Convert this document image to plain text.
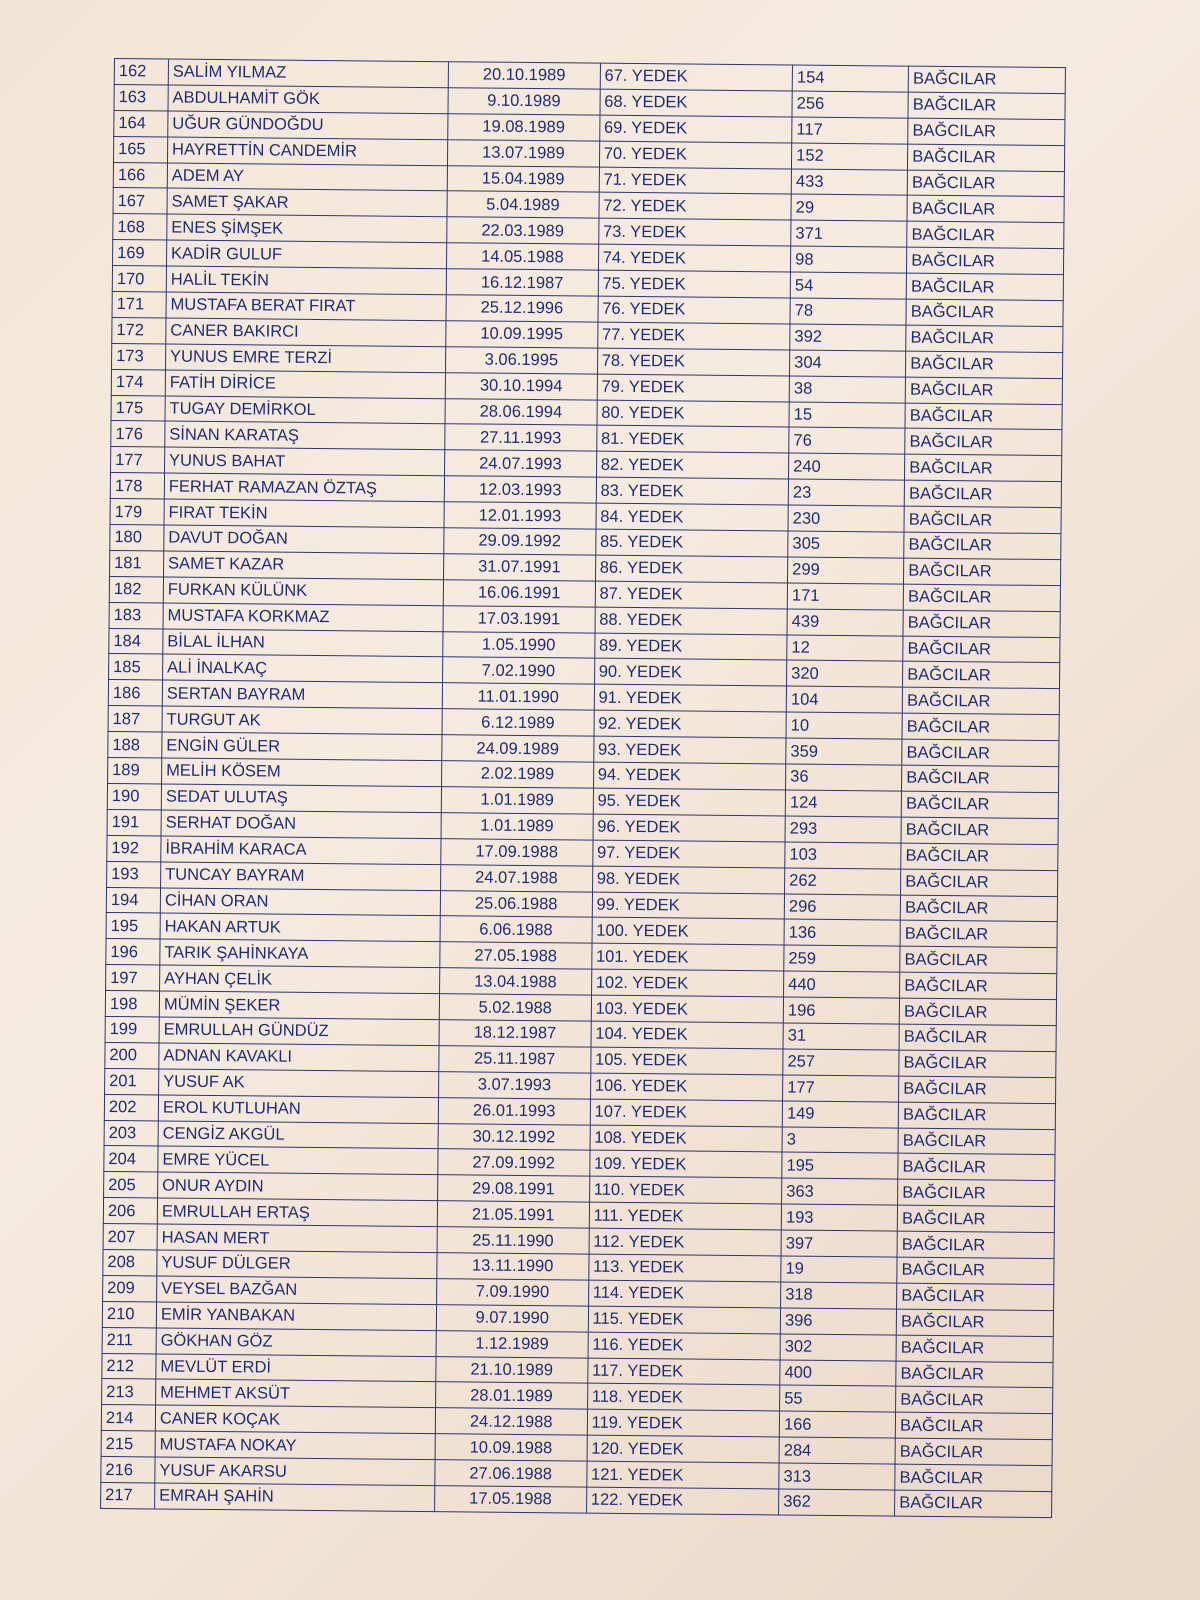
162	SALİM YILMAZ	20.10.1989	67. YEDEK	154	BAĞCILAR
163	ABDULHAMİT GÖK	9.10.1989	68. YEDEK	256	BAĞCILAR
164	UĞUR GÜNDOĞDU	19.08.1989	69. YEDEK	117	BAĞCILAR
165	HAYRETTİN CANDEMİR	13.07.1989	70. YEDEK	152	BAĞCILAR
166	ADEM AY	15.04.1989	71. YEDEK	433	BAĞCILAR
167	SAMET ŞAKAR	5.04.1989	72. YEDEK	29	BAĞCILAR
168	ENES ŞİMŞEK	22.03.1989	73. YEDEK	371	BAĞCILAR
169	KADİR GULUF	14.05.1988	74. YEDEK	98	BAĞCILAR
170	HALİL TEKİN	16.12.1987	75. YEDEK	54	BAĞCILAR
171	MUSTAFA BERAT FIRAT	25.12.1996	76. YEDEK	78	BAĞCILAR
172	CANER BAKIRCI	10.09.1995	77. YEDEK	392	BAĞCILAR
173	YUNUS EMRE TERZİ	3.06.1995	78. YEDEK	304	BAĞCILAR
174	FATİH DİRİCE	30.10.1994	79. YEDEK	38	BAĞCILAR
175	TUGAY DEMİRKOL	28.06.1994	80. YEDEK	15	BAĞCILAR
176	SİNAN KARATAŞ	27.11.1993	81. YEDEK	76	BAĞCILAR
177	YUNUS BAHAT	24.07.1993	82. YEDEK	240	BAĞCILAR
178	FERHAT RAMAZAN ÖZTAŞ	12.03.1993	83. YEDEK	23	BAĞCILAR
179	FIRAT TEKİN	12.01.1993	84. YEDEK	230	BAĞCILAR
180	DAVUT DOĞAN	29.09.1992	85. YEDEK	305	BAĞCILAR
181	SAMET KAZAR	31.07.1991	86. YEDEK	299	BAĞCILAR
182	FURKAN KÜLÜNK	16.06.1991	87. YEDEK	171	BAĞCILAR
183	MUSTAFA KORKMAZ	17.03.1991	88. YEDEK	439	BAĞCILAR
184	BİLAL İLHAN	1.05.1990	89. YEDEK	12	BAĞCILAR
185	ALİ İNALKAÇ	7.02.1990	90. YEDEK	320	BAĞCILAR
186	SERTAN BAYRAM	11.01.1990	91. YEDEK	104	BAĞCILAR
187	TURGUT AK	6.12.1989	92. YEDEK	10	BAĞCILAR
188	ENGİN GÜLER	24.09.1989	93. YEDEK	359	BAĞCILAR
189	MELİH KÖSEM	2.02.1989	94. YEDEK	36	BAĞCILAR
190	SEDAT ULUTAŞ	1.01.1989	95. YEDEK	124	BAĞCILAR
191	SERHAT DOĞAN	1.01.1989	96. YEDEK	293	BAĞCILAR
192	İBRAHİM KARACA	17.09.1988	97. YEDEK	103	BAĞCILAR
193	TUNCAY BAYRAM	24.07.1988	98. YEDEK	262	BAĞCILAR
194	CİHAN ORAN	25.06.1988	99. YEDEK	296	BAĞCILAR
195	HAKAN ARTUK	6.06.1988	100. YEDEK	136	BAĞCILAR
196	TARIK ŞAHİNKAYA	27.05.1988	101. YEDEK	259	BAĞCILAR
197	AYHAN ÇELİK	13.04.1988	102. YEDEK	440	BAĞCILAR
198	MÜMİN ŞEKER	5.02.1988	103. YEDEK	196	BAĞCILAR
199	EMRULLAH GÜNDÜZ	18.12.1987	104. YEDEK	31	BAĞCILAR
200	ADNAN KAVAKLI	25.11.1987	105. YEDEK	257	BAĞCILAR
201	YUSUF AK	3.07.1993	106. YEDEK	177	BAĞCILAR
202	EROL KUTLUHAN	26.01.1993	107. YEDEK	149	BAĞCILAR
203	CENGİZ AKGÜL	30.12.1992	108. YEDEK	3	BAĞCILAR
204	EMRE YÜCEL	27.09.1992	109. YEDEK	195	BAĞCILAR
205	ONUR AYDIN	29.08.1991	110. YEDEK	363	BAĞCILAR
206	EMRULLAH ERTAŞ	21.05.1991	111. YEDEK	193	BAĞCILAR
207	HASAN MERT	25.11.1990	112. YEDEK	397	BAĞCILAR
208	YUSUF DÜLGER	13.11.1990	113. YEDEK	19	BAĞCILAR
209	VEYSEL BAZĞAN	7.09.1990	114. YEDEK	318	BAĞCILAR
210	EMİR YANBAKAN	9.07.1990	115. YEDEK	396	BAĞCILAR
211	GÖKHAN GÖZ	1.12.1989	116. YEDEK	302	BAĞCILAR
212	MEVLÜT ERDİ	21.10.1989	117. YEDEK	400	BAĞCILAR
213	MEHMET AKSÜT	28.01.1989	118. YEDEK	55	BAĞCILAR
214	CANER KOÇAK	24.12.1988	119. YEDEK	166	BAĞCILAR
215	MUSTAFA NOKAY	10.09.1988	120. YEDEK	284	BAĞCILAR
216	YUSUF AKARSU	27.06.1988	121. YEDEK	313	BAĞCILAR
217	EMRAH ŞAHİN	17.05.1988	122. YEDEK	362	BAĞCILAR
